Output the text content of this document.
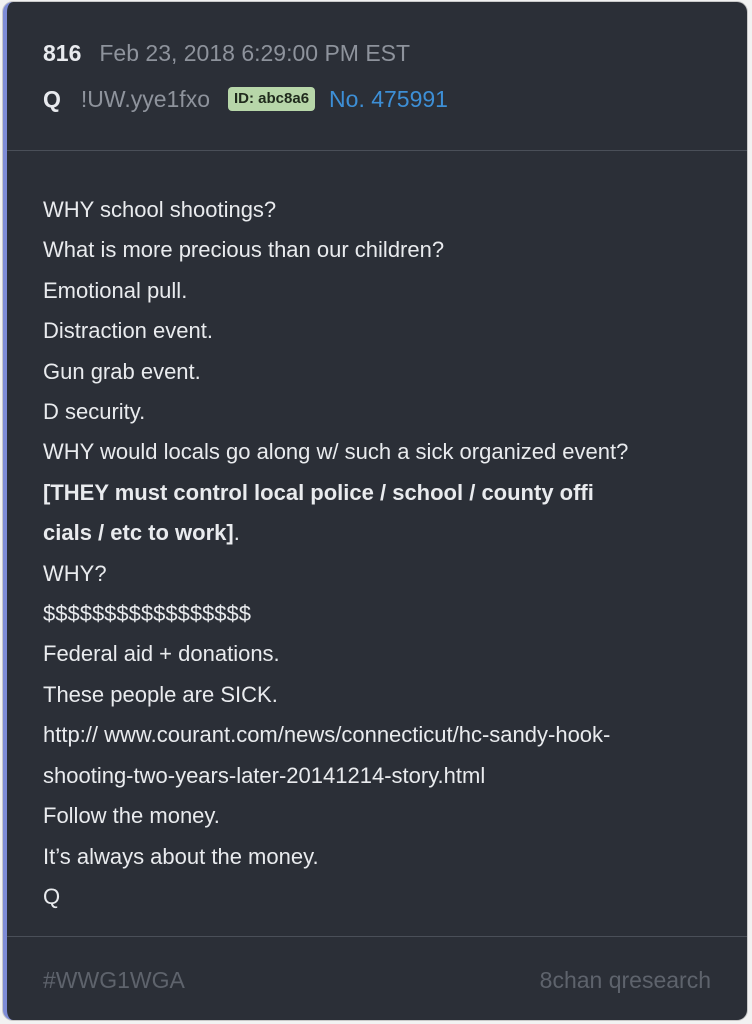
816 Feb 23, 2018 6:29:00 PM EST
Q !UW.yye1fxo	ID: abc8a6 No. 475991
WHY school shootings?
What is more precious than our children?
Emotional pull.
Distraction event.
Gun grab event.
D security.
WHY would locals go along w/ such a sick organized event?
[THEY must control local police / school / county offi
cials / etc to work].
WHY?
$$$$$$$$$$$$$$$$$
Federal aid + donations.
These people are SICK.
http:// www.courant.com/news/connecticut/hc-sandy-hook-
shooting-two-years-later-20141214-story.html
Follow the money.
It’s always about the money.
Q
#WWG1WGA	8chan qresearch
